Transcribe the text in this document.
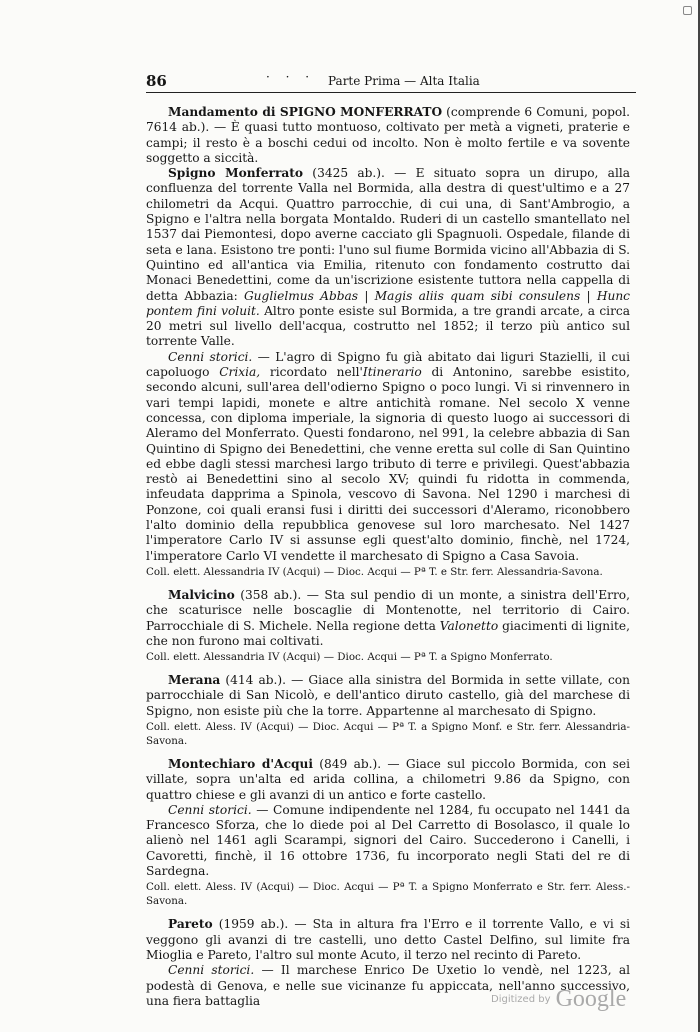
86	Parte Prima — Alta Italia
· · ·

Mandamento di SPIGNO MONFERRATO (comprende 6 Comuni, popol. 7614 ab.). — È quasi tutto montuoso, coltivato per metà a vigneti, praterie e campi; il resto è a boschi cedui od incolto. Non è molto fertile e va sovente soggetto a siccità.

Spigno Monferrato (3425 ab.). — E situato sopra un dirupo, alla confluenza del torrente Valla nel Bormida, alla destra di quest'ultimo e a 27 chilometri da Acqui. Quattro parrocchie, di cui una, di Sant'Ambrogio, a Spigno e l'altra nella borgata Montaldo. Ruderi di un castello smantellato nel 1537 dai Piemontesi, dopo averne cacciato gli Spagnuoli. Ospedale, filande di seta e lana. Esistono tre ponti: l'uno sul fiume Bormida vicino all'Abbazia di S. Quintino ed all'antica via Emilia, ritenuto con fondamento costrutto dai Monaci Benedettini, come da un'iscrizione esistente tuttora nella cappella di detta Abbazia: Guglielmus Abbas | Magis aliis quam sibi consulens | Hunc pontem fini voluit. Altro ponte esiste sul Bormida, a tre grandi arcate, a circa 20 metri sul livello dell'acqua, costrutto nel 1852; il terzo più antico sul torrente Valle.

Cenni storici. — L'agro di Spigno fu già abitato dai liguri Stazielli, il cui capoluogo Crixia, ricordato nell'Itinerario di Antonino, sarebbe esistito, secondo alcuni, sull'area dell'odierno Spigno o poco lungi. Vi si rinvennero in vari tempi lapidi, monete e altre antichità romane. Nel secolo X venne concessa, con diploma imperiale, la signoria di questo luogo ai successori di Aleramo del Monferrato. Questi fondarono, nel 991, la celebre abbazia di San Quintino di Spigno dei Benedettini, che venne eretta sul colle di San Quintino ed ebbe dagli stessi marchesi largo tributo di terre e privilegi. Quest'abbazia restò ai Benedettini sino al secolo XV; quindi fu ridotta in commenda, infeudata dapprima a Spinola, vescovo di Savona. Nel 1290 i marchesi di Ponzone, coi quali eransi fusi i diritti dei successori d'Aleramo, riconobbero l'alto dominio della repubblica genovese sul loro marchesato. Nel 1427 l'imperatore Carlo IV si assunse egli quest'alto dominio, finchè, nel 1724, l'imperatore Carlo VI vendette il marchesato di Spigno a Casa Savoia.

Coll. elett. Alessandria IV (Acqui) — Dioc. Acqui — Pª T. e Str. ferr. Alessandria-Savona.

Malvicino (358 ab.). — Sta sul pendio di un monte, a sinistra dell'Erro, che scaturisce nelle boscaglie di Montenotte, nel territorio di Cairo. Parrocchiale di S. Michele. Nella regione detta Valonetto giacimenti di lignite, che non furono mai coltivati.

Coll. elett. Alessandria IV (Acqui) — Dioc. Acqui — Pª T. a Spigno Monferrato.

Merana (414 ab.). — Giace alla sinistra del Bormida in sette villate, con parrocchiale di San Nicolò, e dell'antico diruto castello, già del marchese di Spigno, non esiste più che la torre. Appartenne al marchesato di Spigno.

Coll. elett. Aless. IV (Acqui) — Dioc. Acqui — Pª T. a Spigno Monf. e Str. ferr. Alessandria-Savona.

Montechiaro d'Acqui (849 ab.). — Giace sul piccolo Bormida, con sei villate, sopra un'alta ed arida collina, a chilometri 9.86 da Spigno, con quattro chiese e gli avanzi di un antico e forte castello.

Cenni storici. — Comune indipendente nel 1284, fu occupato nel 1441 da Francesco Sforza, che lo diede poi al Del Carretto di Bosolasco, il quale lo alienò nel 1461 agli Scarampi, signori del Cairo. Succederono i Canelli, i Cavoretti, finchè, il 16 ottobre 1736, fu incorporato negli Stati del re di Sardegna.

Coll. elett. Aless. IV (Acqui) — Dioc. Acqui — Pª T. a Spigno Monferrato e Str. ferr. Aless.-Savona.

Pareto (1959 ab.). — Sta in altura fra l'Erro e il torrente Vallo, e vi si veggono gli avanzi di tre castelli, uno detto Castel Delfino, sul limite fra Mioglia e Pareto, l'altro sul monte Acuto, il terzo nel recinto di Pareto.

Cenni storici. — Il marchese Enrico De Uxetio lo vendè, nel 1223, al podestà di Genova, e nelle sue vicinanze fu appiccata, nell'anno successivo, una fiera battaglia	$^{Digitized by}$ Google
